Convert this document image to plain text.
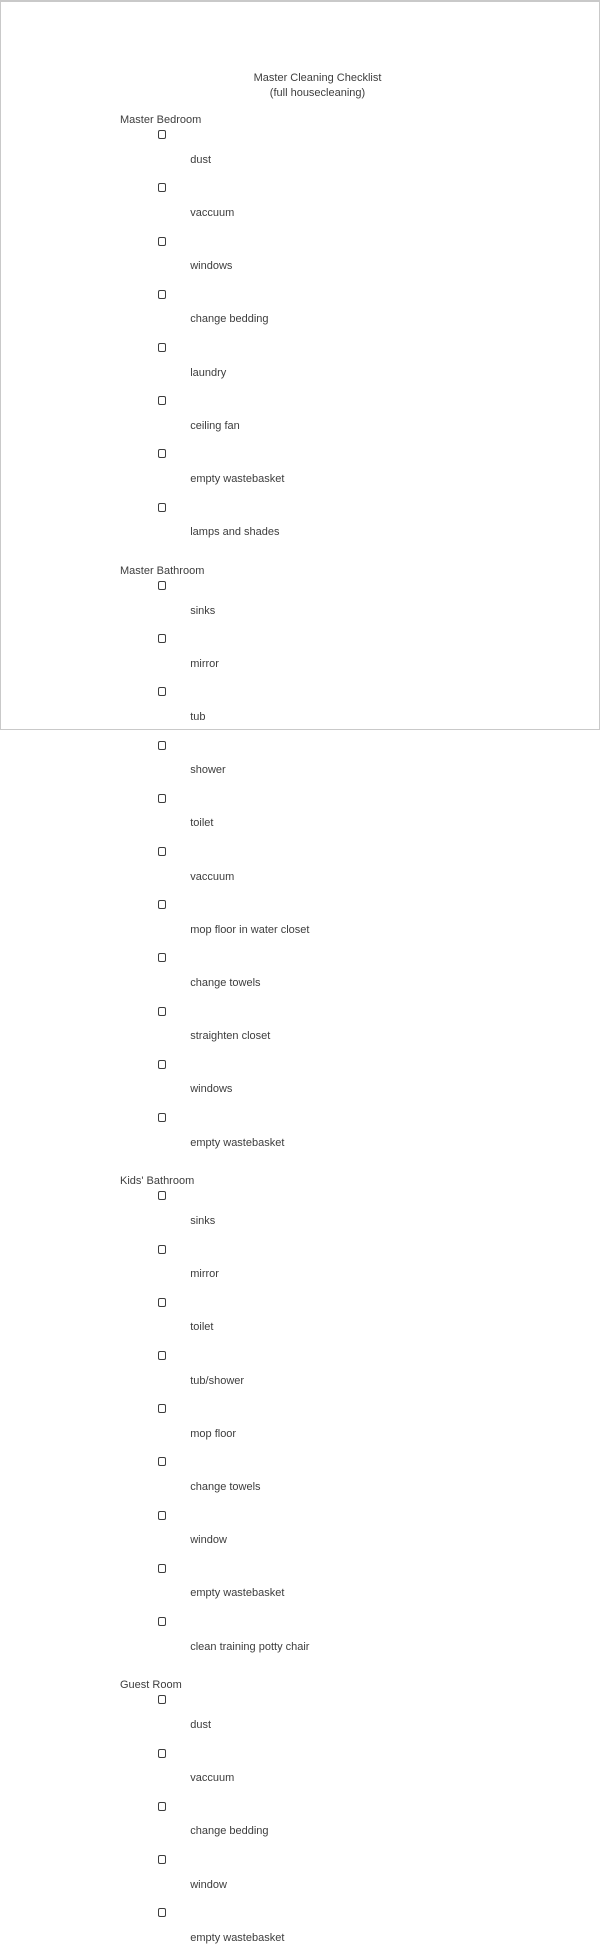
Master Cleaning Checklist
(full housecleaning)
Master Bedroom

dust

vaccuum

windows

change bedding

laundry

ceiling fan

empty wastebasket

lamps and shades

Master Bathroom

sinks

mirror

tub

shower

toilet

vaccuum

mop floor in water closet

change towels

straighten closet

windows

empty wastebasket

Kids' Bathroom

sinks

mirror

toilet

tub/shower

mop floor

change towels

window

empty wastebasket

clean training potty chair

Guest Room

dust

vaccuum

change bedding

window

empty wastebasket
